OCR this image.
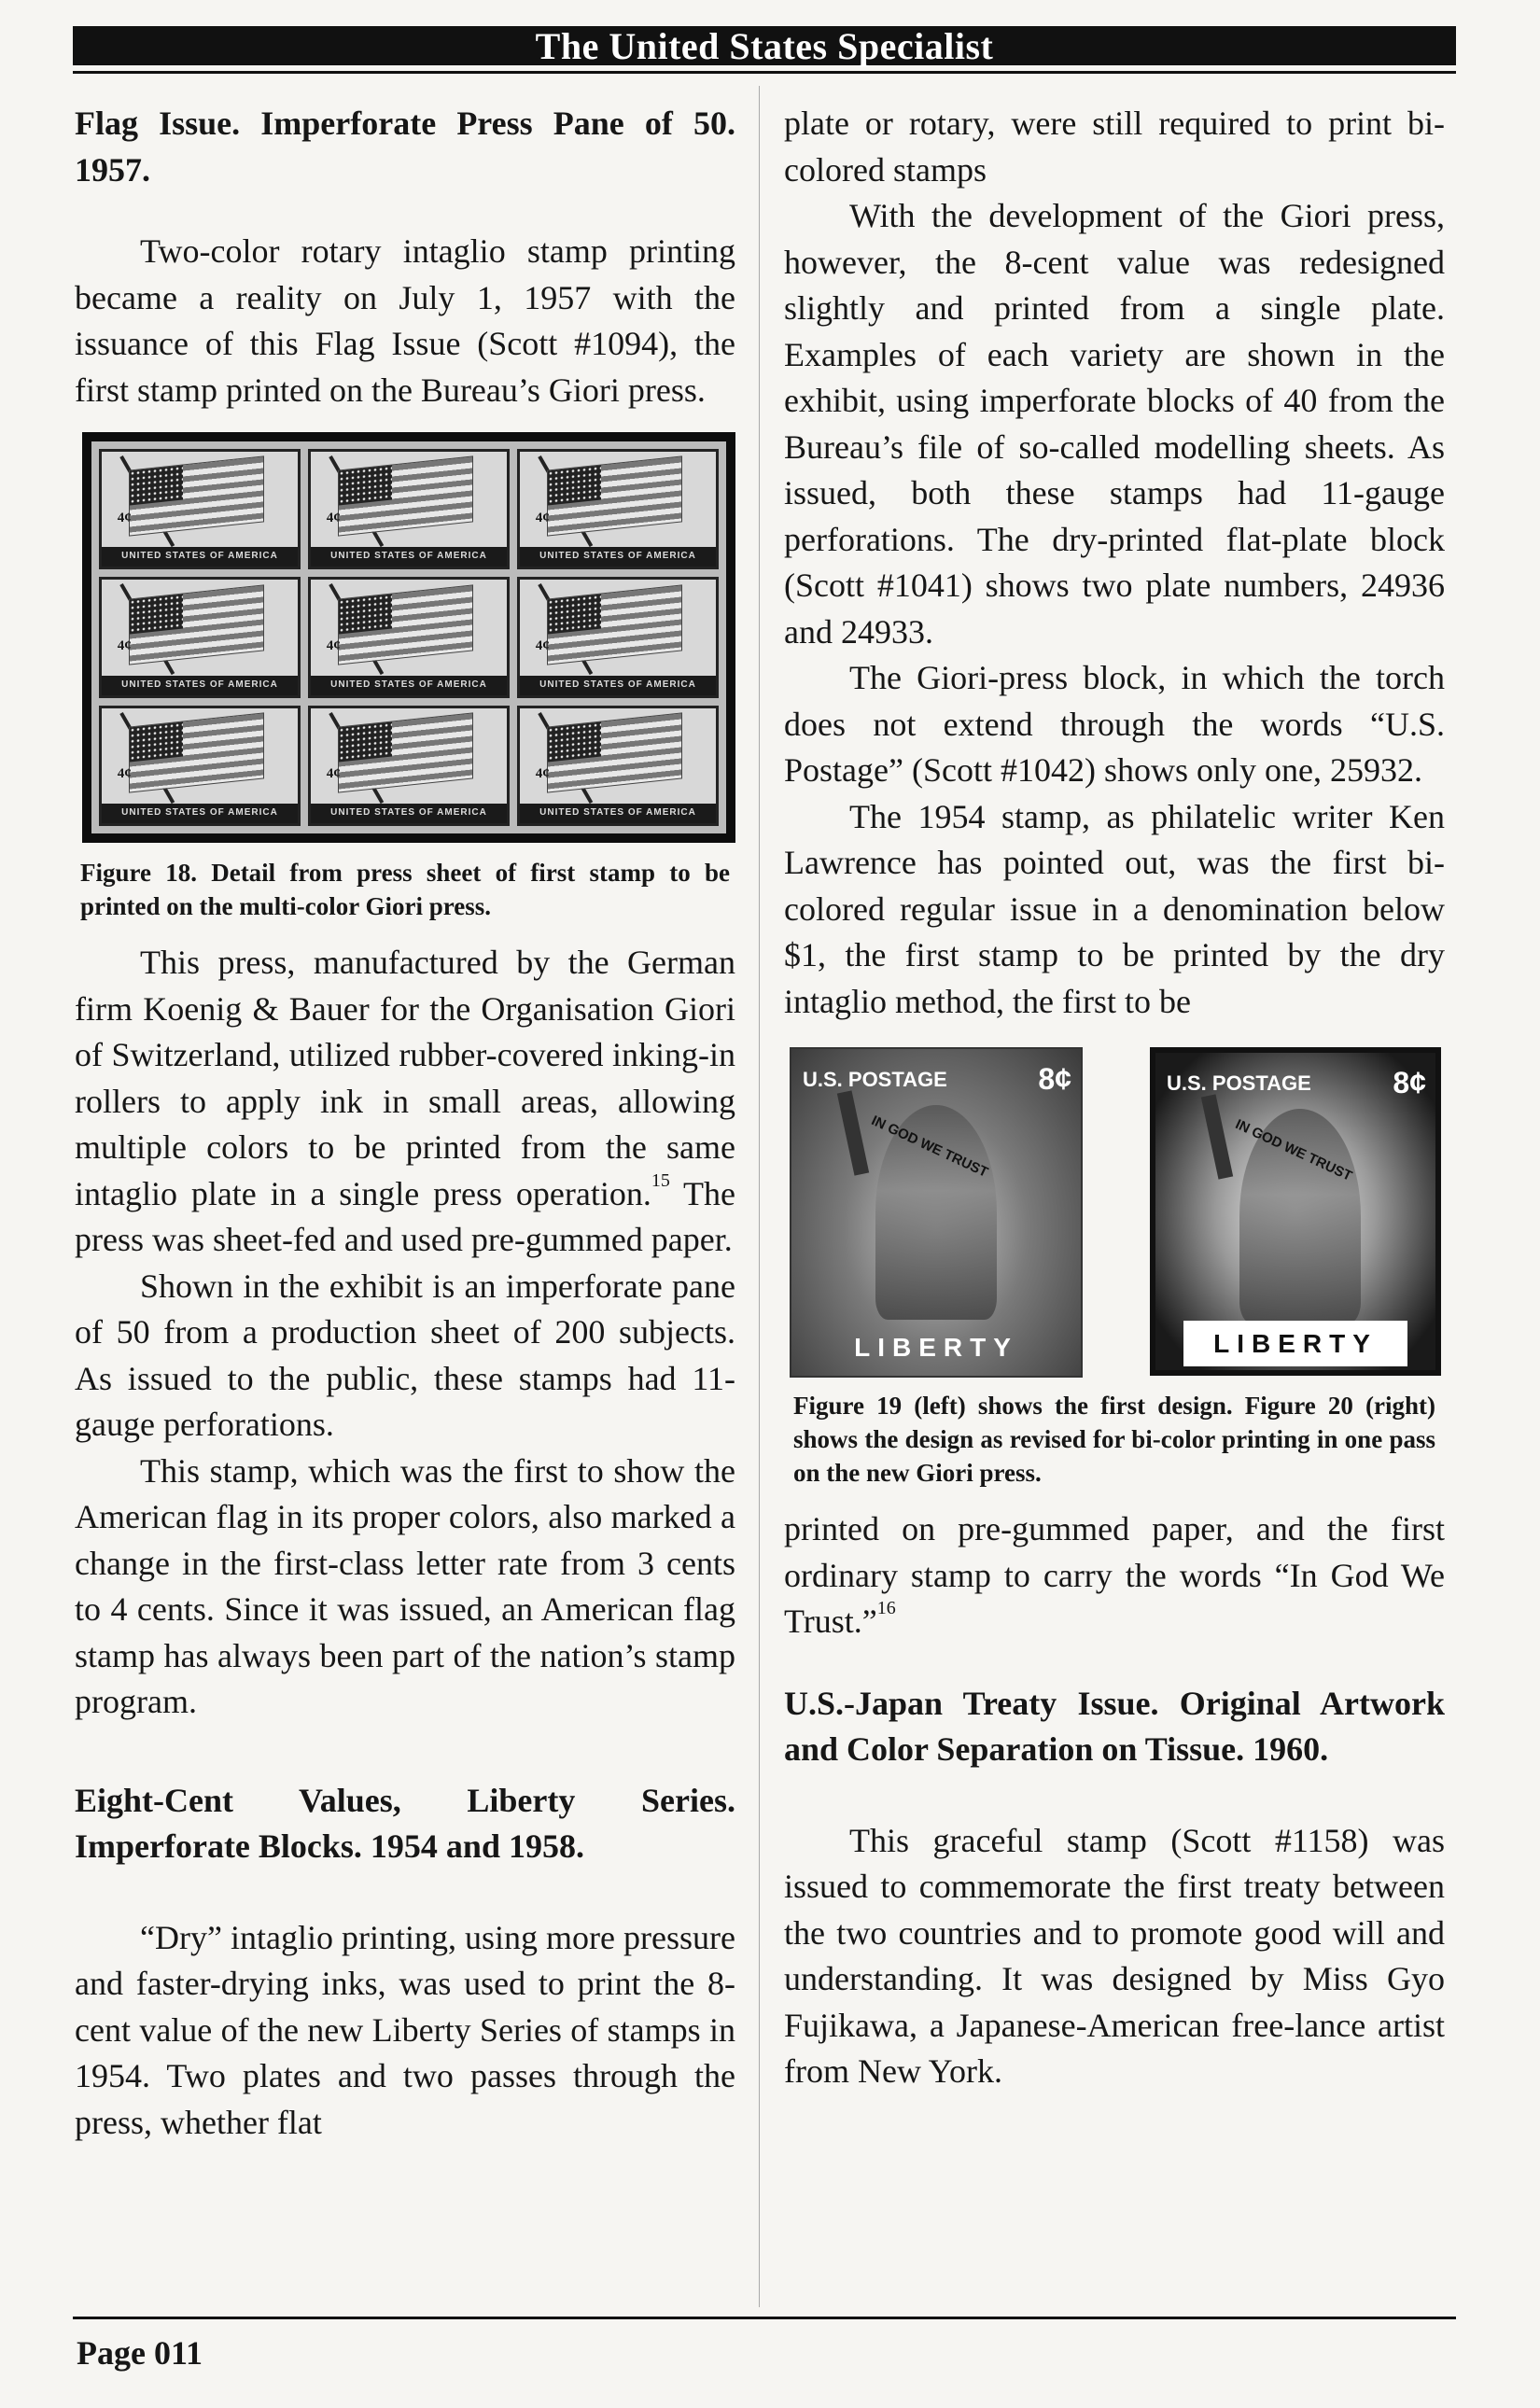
The United States Specialist

Flag Issue. Imperforate Press Pane of 50. 1957.

Two-color rotary intaglio stamp printing became a reality on July 1, 1957 with the issuance of this Flag Issue (Scott #1094), the first stamp printed on the Bureau’s Giori press.

4¢
UNITED STATES OF AMERICA
4¢
UNITED STATES OF AMERICA
4¢
UNITED STATES OF AMERICA
4¢
UNITED STATES OF AMERICA
4¢
UNITED STATES OF AMERICA
4¢
UNITED STATES OF AMERICA
4¢
UNITED STATES OF AMERICA
4¢
UNITED STATES OF AMERICA
4¢
UNITED STATES OF AMERICA

Figure 18. Detail from press sheet of first stamp to be printed on the multi-color Giori press.

This press, manufactured by the German firm Koenig & Bauer for the Organisation Giori of Switzerland, utilized rubber-covered inking-in rollers to apply ink in small areas, allowing multiple colors to be printed from the same intaglio plate in a single press operation.$^{15}$ The press was sheet-fed and used pre-gummed paper.

Shown in the exhibit is an imperforate pane of 50 from a production sheet of 200 subjects. As issued to the public, these stamps had 11-gauge perforations.

This stamp, which was the first to show the American flag in its proper colors, also marked a change in the first-class letter rate from 3 cents to 4 cents. Since it was issued, an American flag stamp has always been part of the nation’s stamp program.

Eight-Cent Values, Liberty Series. Imperforate Blocks. 1954 and 1958.

“Dry” intaglio printing, using more pressure and faster-drying inks, was used to print the 8-cent value of the new Liberty Series of stamps in 1954. Two plates and two passes through the press, whether flat

plate or rotary, were still required to print bi-colored stamps

With the development of the Giori press, however, the 8-cent value was redesigned slightly and printed from a single plate. Examples of each variety are shown in the exhibit, using imperforate blocks of 40 from the Bureau’s file of so-called modelling sheets. As issued, both these stamps had 11-gauge perforations. The dry-printed flat-plate block (Scott #1041) shows two plate numbers, 24936 and 24933.

The Giori-press block, in which the torch does not extend through the words “U.S. Postage” (Scott #1042) shows only one, 25932.

The 1954 stamp, as philatelic writer Ken Lawrence has pointed out, was the first bi-colored regular issue in a denomination below $1, the first stamp to be printed by the dry intaglio method, the first to be

U.S. POSTAGE	8¢
IN GOD WE TRUST
LIBERTY
U.S. POSTAGE	8¢
IN GOD WE TRUST
LIBERTY

Figure 19 (left) shows the first design. Figure 20 (right) shows the design as revised for bi-color printing in one pass on the new Giori press.

printed on pre-gummed paper, and the first ordinary stamp to carry the words “In God We Trust.”$^{16}$

U.S.-Japan Treaty Issue. Original Artwork and Color Separation on Tissue. 1960.

This graceful stamp (Scott #1158) was issued to commemorate the first treaty between the two countries and to promote good will and understanding. It was designed by Miss Gyo Fujikawa, a Japanese-American free-lance artist from New York.

Page 011
